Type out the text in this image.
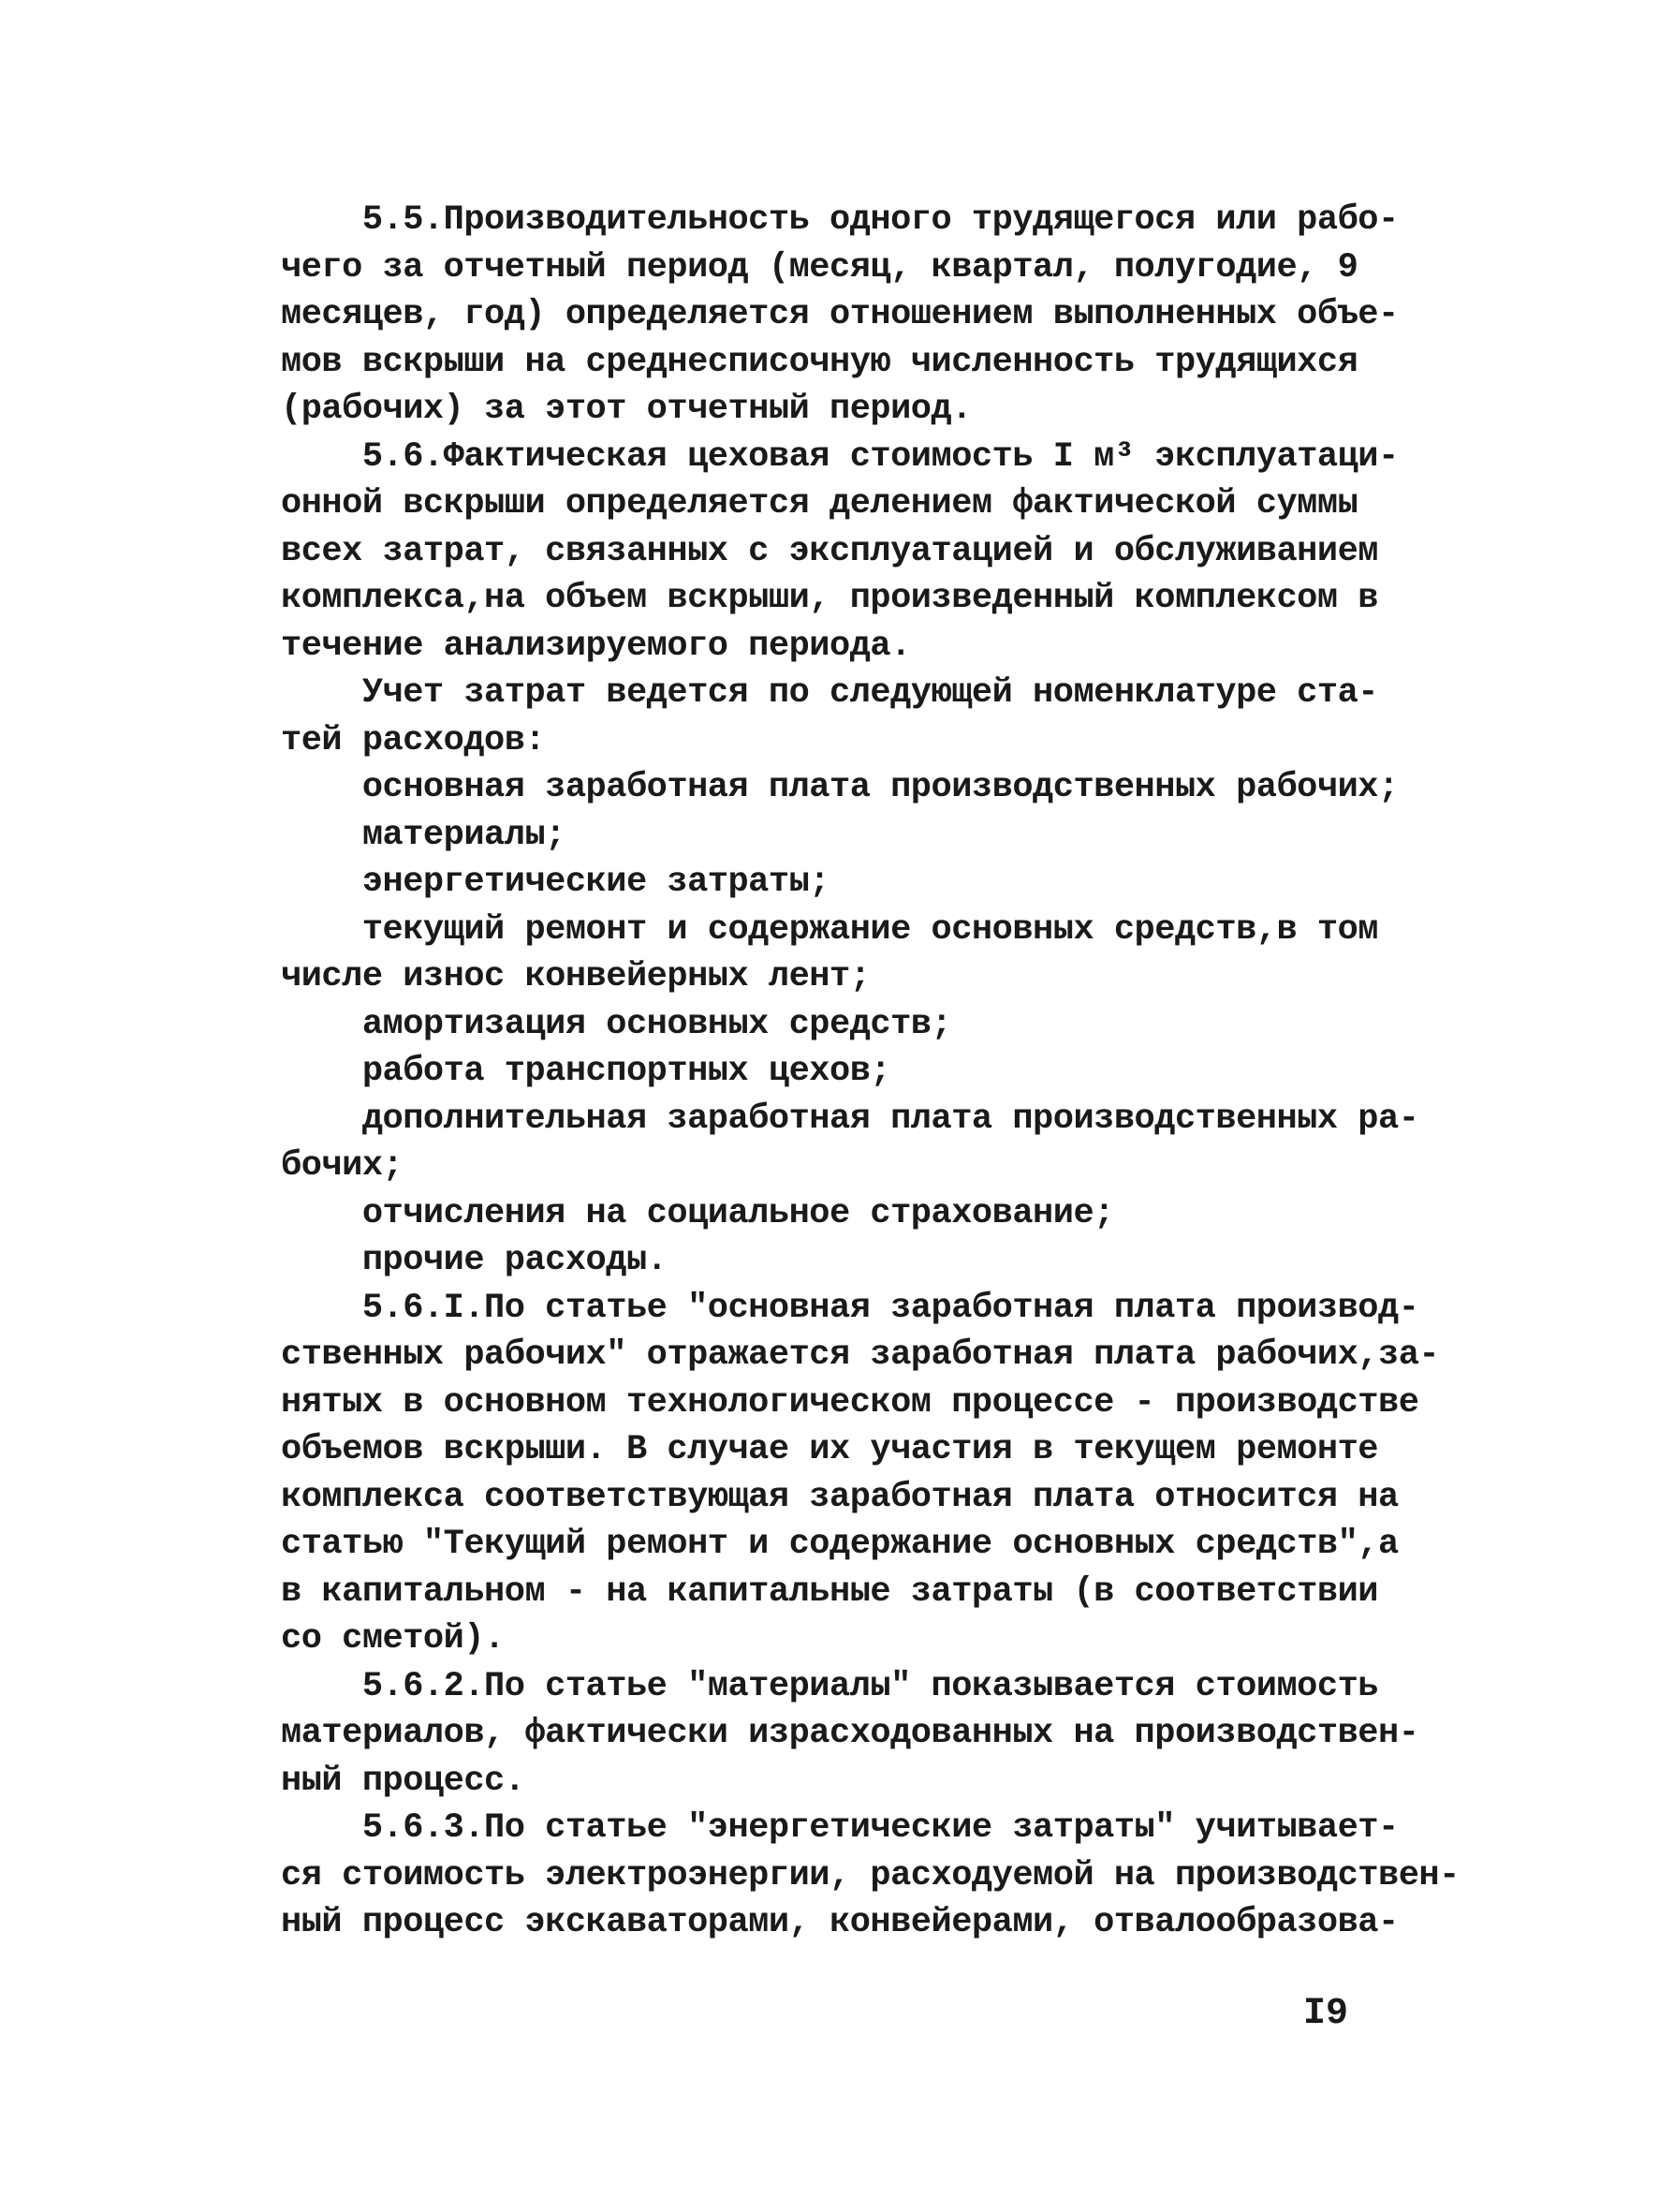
5.5.Производительность одного трудящегося или рабо-
чего за отчетный период (месяц, квартал, полугодие, 9
месяцев, год) определяется отношением выполненных объе-
мов вскрыши на среднесписочную численность трудящихся
(рабочих) за этот отчетный период.
5.6.Фактическая цеховая стоимость I м³ эксплуатаци-
онной вскрыши определяется делением фактической суммы
всех затрат, связанных с эксплуатацией и обслуживанием
комплекса,на объем вскрыши, произведенный комплексом в
течение анализируемого периода.
Учет затрат ведется по следующей номенклатуре ста-
тей расходов:
основная заработная плата производственных рабочих;
материалы;
энергетические затраты;
текущий ремонт и содержание основных средств,в том
числе износ конвейерных лент;
амортизация основных средств;
работа транспортных цехов;
дополнительная заработная плата производственных ра-
бочих;
отчисления на социальное страхование;
прочие расходы.
5.6.I.По статье "основная заработная плата производ-
ственных рабочих" отражается заработная плата рабочих,за-
нятых в основном технологическом процессе - производстве
объемов вскрыши. В случае их участия в текущем ремонте
комплекса соответствующая заработная плата относится на
статью "Текущий ремонт и содержание основных средств",а
в капитальном - на капитальные затраты (в соответствии
со сметой).
5.6.2.По статье "материалы" показывается стоимость
материалов, фактически израсходованных на производствен-
ный процесс.
5.6.3.По статье "энергетические затраты" учитывает-
ся стоимость электроэнергии, расходуемой на производствен-
ный процесс экскаваторами, конвейерами, отвалообразова-
I9
